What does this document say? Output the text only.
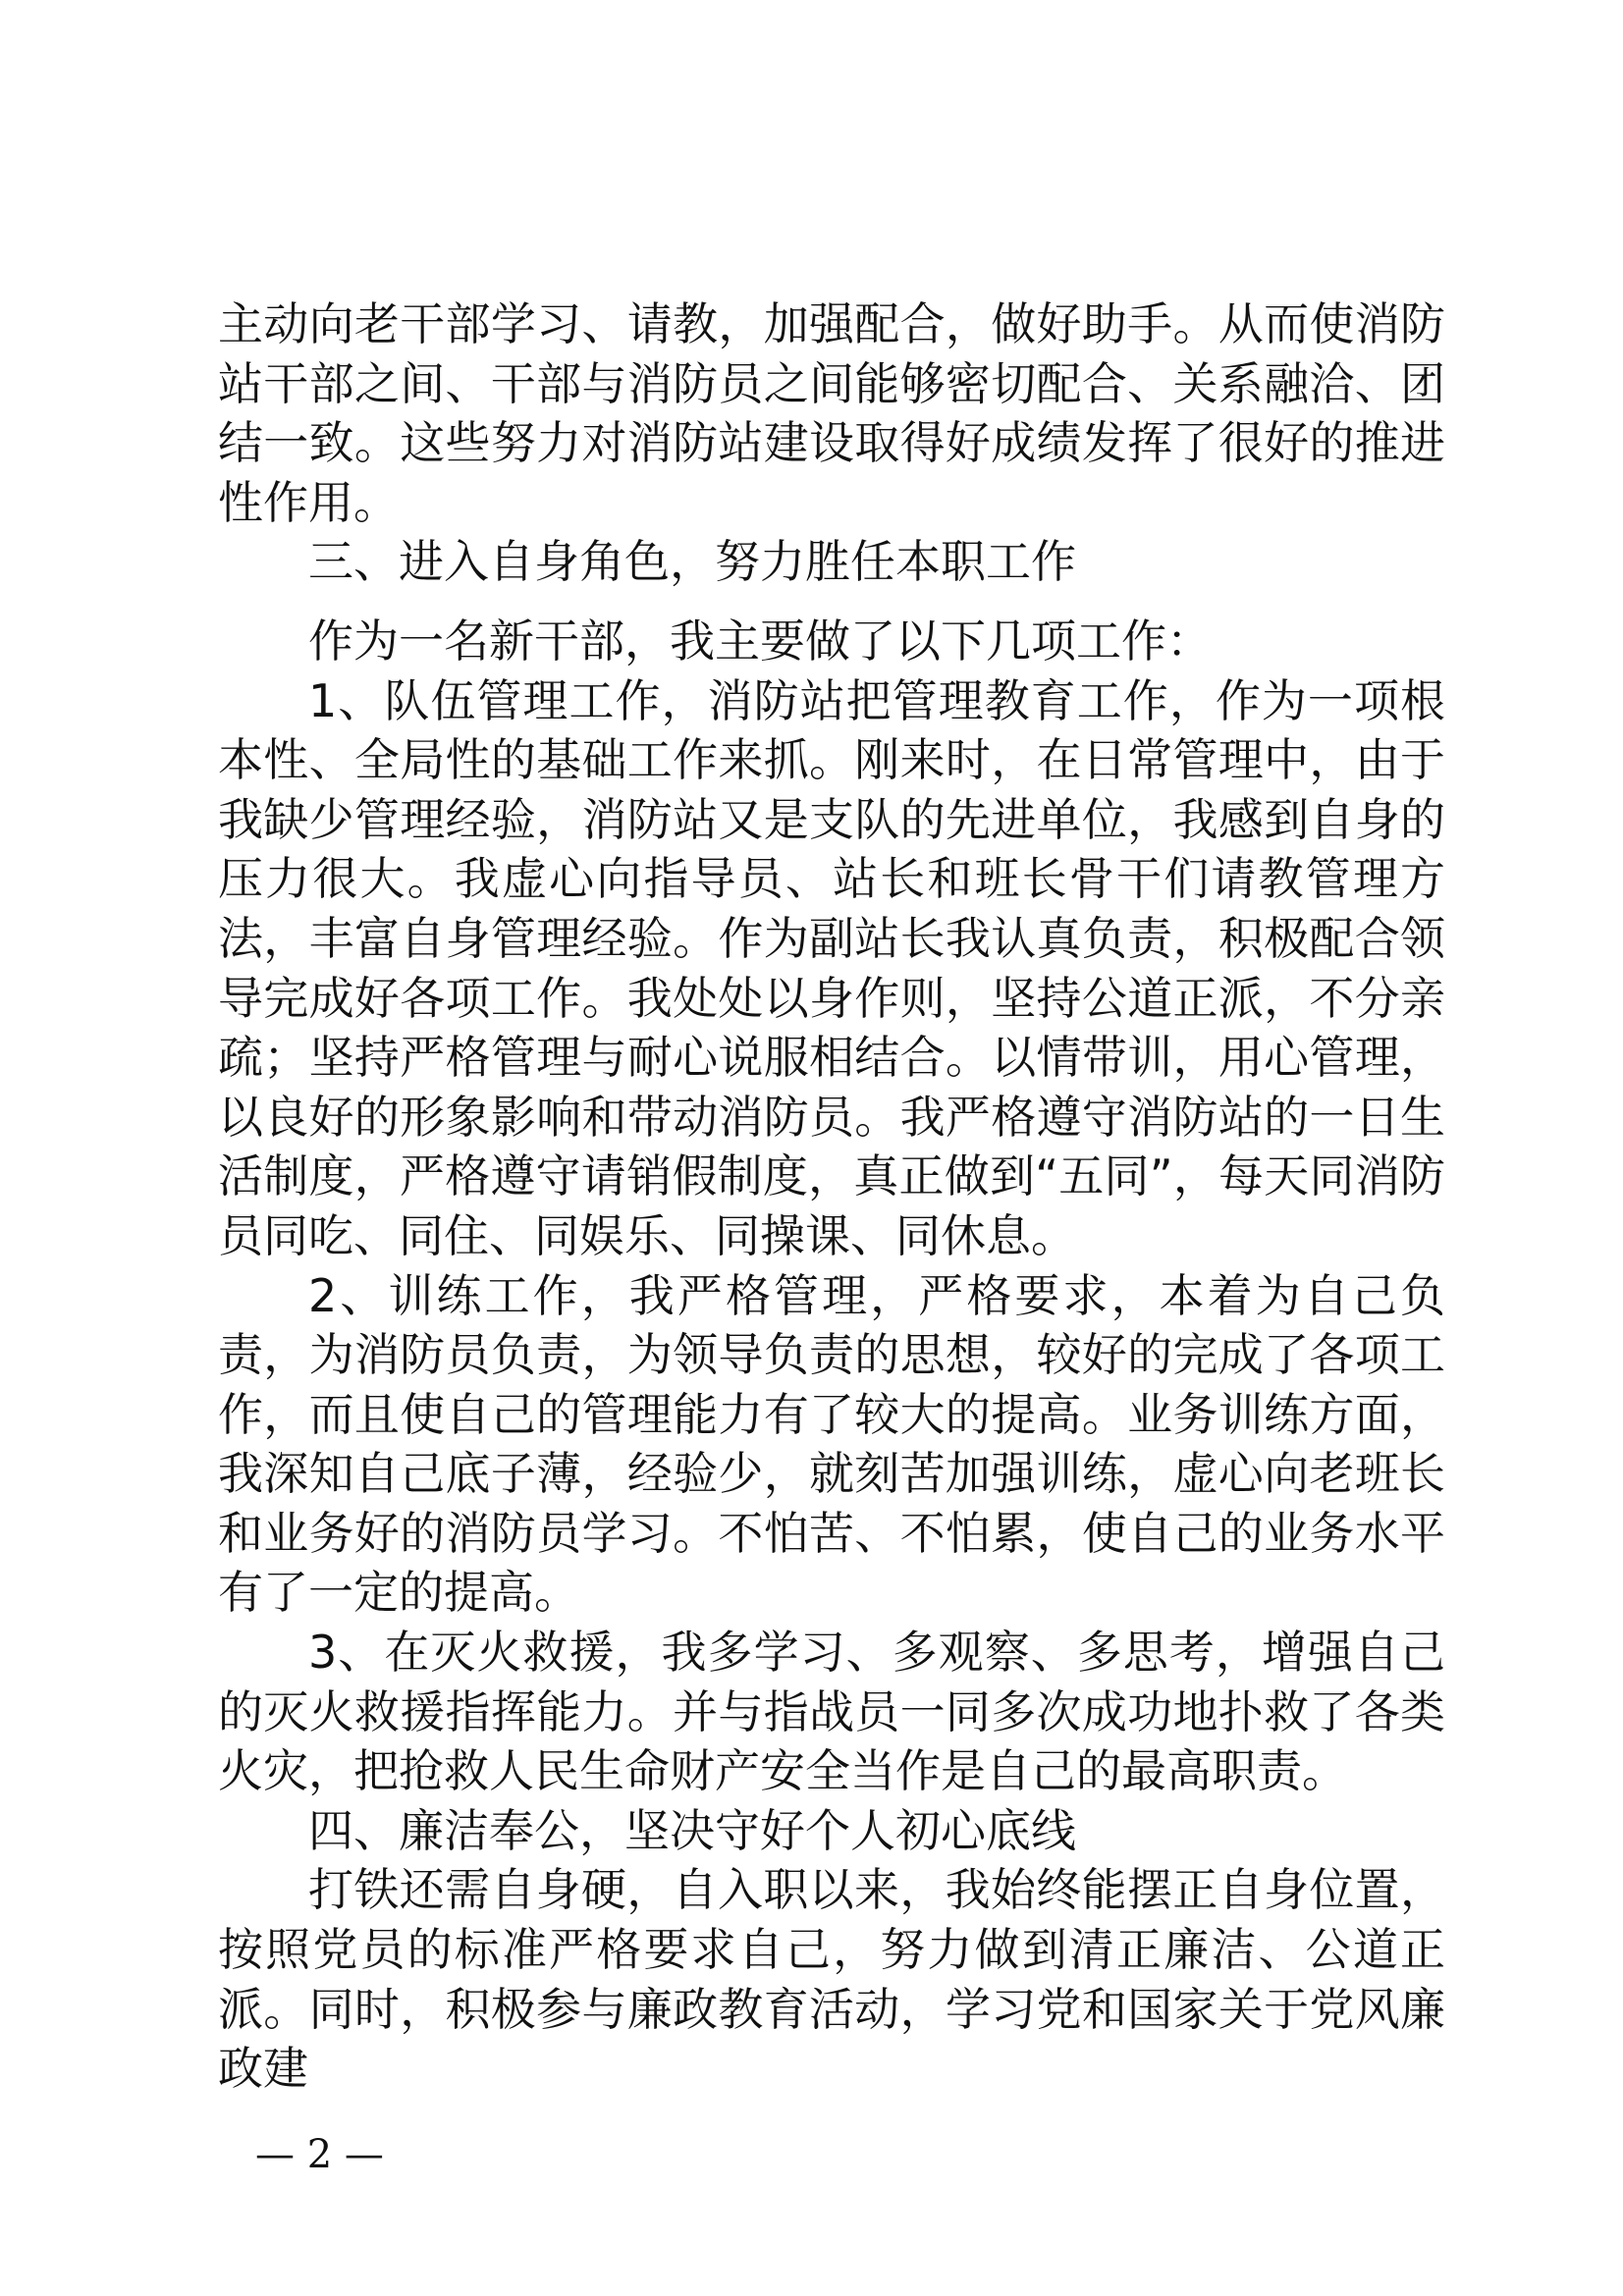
主动向老干部学习、请教，加强配合，做好助手。从而使消防站干部之间、干部与消防员之间能够密切配合、关系融洽、团结一致。这些努力对消防站建设取得好成绩发挥了很好的推进性作用。

三、进入自身角色，努力胜任本职工作

作为一名新干部，我主要做了以下几项工作：

1、队伍管理工作，消防站把管理教育工作，作为一项根本性、全局性的基础工作来抓。刚来时，在日常管理中，由于我缺少管理经验，消防站又是支队的先进单位，我感到自身的压力很大。我虚心向指导员、站长和班长骨干们请教管理方法，丰富自身管理经验。作为副站长我认真负责，积极配合领导完成好各项工作。我处处以身作则，坚持公道正派，不分亲疏；坚持严格管理与耐心说服相结合。以情带训，用心管理，以良好的形象影响和带动消防员。我严格遵守消防站的一日生活制度，严格遵守请销假制度，真正做到“五同”，每天同消防员同吃、同住、同娱乐、同操课、同休息。

2、训练工作，我严格管理，严格要求，本着为自己负责，为消防员负责，为领导负责的思想，较好的完成了各项工作，而且使自己的管理能力有了较大的提高。业务训练方面，我深知自己底子薄，经验少，就刻苦加强训练，虚心向老班长和业务好的消防员学习。不怕苦、不怕累，使自己的业务水平有了一定的提高。

3、在灭火救援，我多学习、多观察、多思考，增强自己的灭火救援指挥能力。并与指战员一同多次成功地扑救了各类火灾，把抢救人民生命财产安全当作是自己的最高职责。

四、廉洁奉公，坚决守好个人初心底线

打铁还需自身硬，自入职以来，我始终能摆正自身位置，按照党员的标准严格要求自己，努力做到清正廉洁、公道正派。同时，积极参与廉政教育活动，学习党和国家关于党风廉政建

— 2 —
